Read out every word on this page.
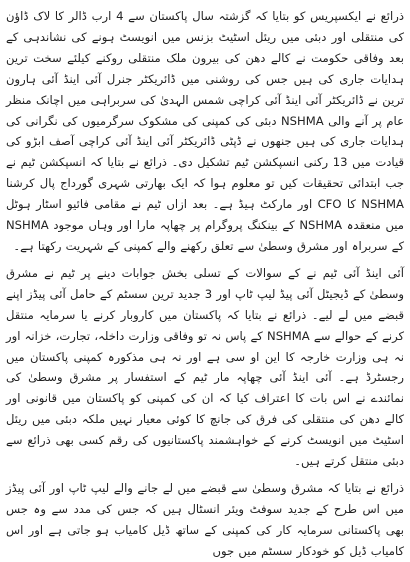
ذرائع نے ایکسپریس کو بتایا کہ گزشتہ سال پاکستان سے 4 ارب ڈالر کا لاک ڈاؤن کی منتقلی اور دبئی میں ریئل اسٹیٹ بزنس میں انویسٹ ہونے کی نشاندہی کے بعد وفاقی حکومت نے کالے دھن کی بیرون ملک منتقلی روکنے کیلئے سخت ترین ہدایات جاری کی ہیں جس کی روشنی میں ڈائریکٹر جنرل آئی اینڈ آئی ہارون ترین نے ڈائریکٹر آئی اینڈ آئی کراچی شمس الہدیٰ کی سربراہی میں اچانک منظر عام پر آنے والی NSHMA دبئی کی کمپنی کی مشکوک سرگرمیوں کی نگرانی کی ہدایات جاری کی ہیں جنھوں نے ڈپٹی ڈائریکٹر آئی اینڈ آئی کراچی آصف ابڑو کی قیادت میں 13 رکنی انسپکشن ٹیم تشکیل دی۔ ذرائع نے بتایا کہ انسپکشن ٹیم نے جب ابتدائی تحقیقات کیں تو معلوم ہوا کہ ایک بھارتی شہری گورداج پال کرشنا NSHMA کا CFO اور مارکٹ ہیڈ ہے۔ بعد ازاں ٹیم نے مقامی فائیو اسٹار ہوٹل میں منعقدہ NSHMA کے بینکنگ پروگرام پر چھاپہ مارا اور وہاں موجود NSHMA کے سربراہ اور مشرق وسطیٰ سے تعلق رکھنے والے کمپنی کے شہریت رکھتا ہے۔

آئی اینڈ آئی ٹیم نے کے سوالات کے تسلی بخش جوابات دینے پر ٹیم نے مشرق وسطیٰ کے ڈیجیٹل آئی پیڈ لیپ ٹاپ اور 3 جدید ترین سسٹم کے حامل آئی پیڈز اپنے قبضے میں لے لیے۔ ذرائع نے بتایا کہ پاکستان میں کاروبار کرنے یا سرمایہ منتقل کرنے کے حوالے سے NSHMA کے پاس نہ تو وفاقی وزارت داخلہ، تجارت، خزانہ اور نہ ہی وزارت خارجہ کا این او سی ہے اور نہ ہی مذکورہ کمپنی پاکستان میں رجسٹرڈ ہے۔ آئی اینڈ آئی چھاپہ مار ٹیم کے استفسار پر مشرق وسطیٰ کی نمائندے نے اس بات کا اعتراف کیا کہ ان کی کمپنی کو پاکستان میں قانونی اور کالے دھن کی منتقلی کی فرق کی جانچ کا کوئی معیار نہیں ملکہ دبئی میں ریئل اسٹیٹ میں انویسٹ کرنے کے خواہشمند پاکستانیوں کی رقم کسی بھی ذرائع سے دبئی منتقل کرتے ہیں۔

ذرائع نے بتایا کہ مشرق وسطیٰ سے قبضے میں لے جانے والے لیپ ٹاپ اور آئی پیڈز میں اس طرح کے جدید سوفٹ ویئر انسٹال ہیں کہ جس کی مدد سے وہ جس بھی پاکستانی سرمایہ کار کی کمپنی کے ساتھ ڈیل کامیاب ہو جاتی ہے اور اس کامیاب ڈیل کو خودکار سسٹم میں جوں
